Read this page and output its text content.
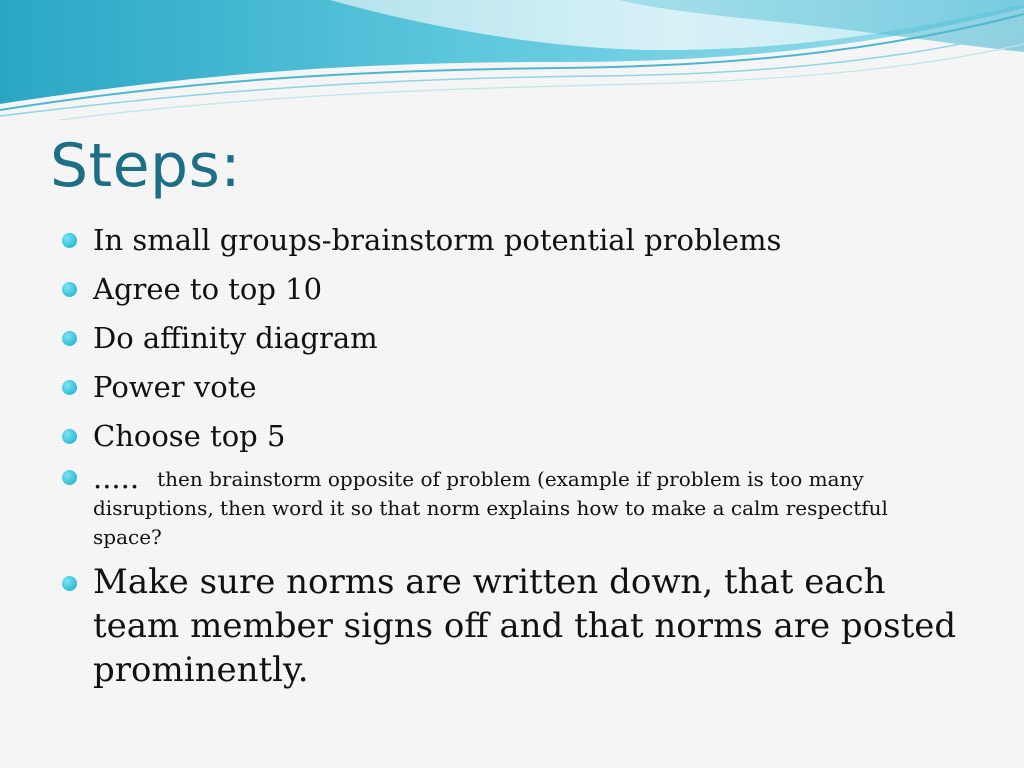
Steps:
In small groups-brainstorm potential problems
Agree to top 10
Do affinity diagram
Power vote
Choose top 5
..... then brainstorm opposite of problem (example if problem is too many disruptions, then word it so that norm explains how to make a calm respectful space?
Make sure norms are written down, that each team member signs off and that norms are posted prominently.
